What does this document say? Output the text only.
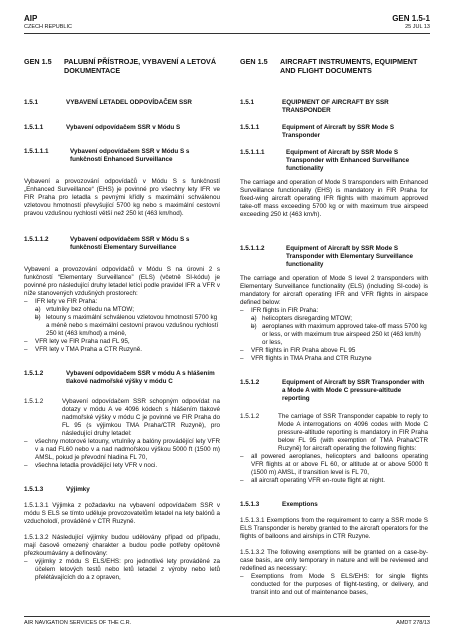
AIP
CZECH REPUBLIC
GEN 1.5-1
25 JUL 13
GEN 1.5	PALUBNÍ PŘÍSTROJE, VYBAVENÍ A LETOVÁ DOKUMENTACE
1.5.1	VYBAVENÍ LETADEL ODPOVÍDAČEM SSR
1.5.1.1	Vybavení odpovídačem SSR v Módu S
1.5.1.1.1	Vybavení odpovídačem SSR v Módu S s funkčností Enhanced Surveillance

Vybavení a provozování odpovídačů v Módu S s funkčností „Enhanced Surveillance“ (EHS) je povinné pro všechny lety IFR ve FIR Praha pro letadla s pevnými křídly s maximální schválenou vzletovou hmotností převyšující 5700 kg nebo s maximální cestovní pravou vzdušnou rychlostí větší než 250 kt (463 km/hod).

1.5.1.1.2	Vybavení odpovídačem SSR v Módu S s funkčností Elementary Surveillance

Vybavení a provozování odpovídačů v Módu S na úrovni 2 s funkčností “Elementary Surveillance” (ELS) (včetně SI-kódu) je povinné pro následující druhy letadel letící podle pravidel IFR a VFR v níže stanovených vzdušných prostorech:

– IFR lety ve FIR Praha:
– a) vrtulníky bez ohledu na MTOW;
– b) letouny s maximální schválenou vzletovou hmotností 5700 kg a méně nebo s maximální cestovní pravou vzdušnou rychlostí 250 kt (463 km/hod) a méně,
– VFR lety ve FIR Praha nad FL 95,
– VFR lety v TMA Praha a CTR Ruzyně.
1.5.1.2	Vybavení odpovídačem SSR v módu A s hlášením tlakové nadmořské výšky v módu C
1.5.1.2	Vybavení odpovídačem SSR schopným odpovídat na dotazy v módu A ve 4096 kódech s hlášením tlakové nadmořské výšky v módu C je povinné ve FIR Praha do FL 95 (s výjimkou TMA Praha/CTR Ruzyně), pro následující druhy letadel:
– všechny motorové letouny, vrtulníky a balóny provádějící lety VFR v a nad FL60 nebo v a nad nadmořskou výškou 5000 ft (1500 m) AMSL, pokud je převodní hladina FL 70,
– všechna letadla provádějící lety VFR v noci.
1.5.1.3	Výjimky

1.5.1.3.1 Výjimka z požadavku na vybavení odpovídačem SSR v módu S ELS se tímto uděluje provozovatelům letadel na lety balónů a vzducholodí, prováděné v CTR Ruzyně.

1.5.1.3.2 Následující výjimky budou udělovány případ od případu, mají časově omezený charakter a budou podle potřeby opětovně přezkoumávány a definovány:

– výjimky z módu S ELS/EHS: pro jednotlivé lety prováděné za účelem letových testů nebo letů letadel z výroby nebo letů přelétávajících do a z opraven,
GEN 1.5	AIRCRAFT INSTRUMENTS, EQUIPMENT AND FLIGHT DOCUMENTS
1.5.1	EQUIPMENT OF AIRCRAFT BY SSR TRANSPONDER
1.5.1.1	Equipment of Aircraft by SSR Mode S Transponder
1.5.1.1.1	Equipment of Aircraft by SSR Mode S Transponder with Enhanced Surveillance functionality

The carriage and operation of Mode S transponders with Enhanced Surveillance functionality (EHS) is mandatory in FIR Praha for fixed-wing aircraft operating IFR flights with maximum approved take-off mass exceeding 5700 kg or with maximum true airspeed exceeding 250 kt (463 km/h).

1.5.1.1.2	Equipment of Aircraft by SSR Mode S Transponder with Elementary Surveillance functionality

The carriage and operation of Mode S level 2 transponders with Elementary Surveillance functionality (ELS) (including SI-code) is mandatory for aircraft operating IFR and VFR flights in airspace defined below:

– IFR flights in FIR Praha:
– a) helicopters disregarding MTOW;
– b) aeroplanes with maximum approved take-off mass 5700 kg or less, or with maximum true airspeed 250 kt (463 km/h) or less,
– VFR flights in FIR Praha above FL 95
– VFR flights in TMA Praha and CTR Ruzyne
1.5.1.2	Equipment of Aircraft by SSR Transponder with a Mode A with Mode C pressure-altitude reporting
1.5.1.2	The carriage of SSR Transponder capable to reply to Mode A interrogations on 4096 codes with Mode C pressure-altitude reporting is mandatory in FIR Praha below FL 95 (with exemption of TMA Praha/CTR Ruzyně) for aircraft operating the following flights:
– all powered aeroplanes, helicopters and balloons operating VFR flights at or above FL 60, or altitude at or above 5000 ft (1500 m) AMSL, if transition level is FL 70,
– all aircraft operating VFR en-route flight at night.
1.5.1.3	Exemptions

1.5.1.3.1 Exemptions from the requirement to carry a SSR mode S ELS Transponder is hereby granted to the aircraft operators for the flights of balloons and airships in CTR Ruzyne.

1.5.1.3.2 The following exemptions will be granted on a case-by-case basis, are only temporary in nature and will be reviewed and redefined as necessary:

– Exemptions from Mode S ELS/EHS: for single flights conducted for the purposes of flight-testing, or delivery, and transit into and out of maintenance bases,
AIR NAVIGATION SERVICES OF THE C.R.	AMDT 278/13
